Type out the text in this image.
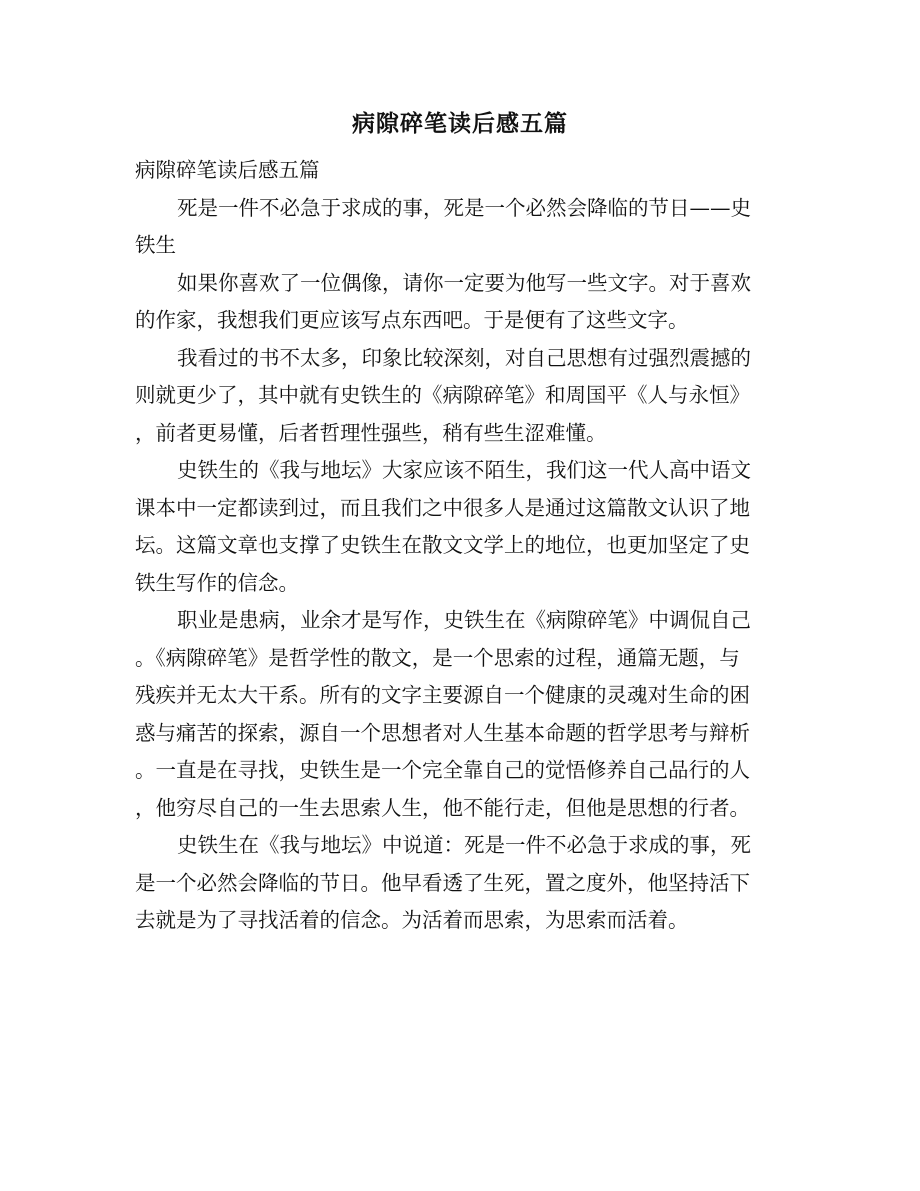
病隙碎笔读后感五篇

病隙碎笔读后感五篇

死是一件不必急于求成的事，死是一个必然会降临的节日——史
铁生

如果你喜欢了一位偶像，请你一定要为他写一些文字。对于喜欢
的作家，我想我们更应该写点东西吧。于是便有了这些文字。

我看过的书不太多，印象比较深刻，对自己思想有过强烈震撼的
则就更少了，其中就有史铁生的《病隙碎笔》和周国平《人与永恒》
，前者更易懂，后者哲理性强些，稍有些生涩难懂。

史铁生的《我与地坛》大家应该不陌生，我们这一代人高中语文
课本中一定都读到过，而且我们之中很多人是通过这篇散文认识了地
坛。这篇文章也支撑了史铁生在散文文学上的地位，也更加坚定了史
铁生写作的信念。

职业是患病，业余才是写作，史铁生在《病隙碎笔》中调侃自己
。《病隙碎笔》是哲学性的散文，是一个思索的过程，通篇无题，与
残疾并无太大干系。所有的文字主要源自一个健康的灵魂对生命的困
惑与痛苦的探索，源自一个思想者对人生基本命题的哲学思考与辩析
。一直是在寻找，史铁生是一个完全靠自己的觉悟修养自己品行的人
，他穷尽自己的一生去思索人生，他不能行走，但他是思想的行者。

史铁生在《我与地坛》中说道：死是一件不必急于求成的事，死
是一个必然会降临的节日。他早看透了生死，置之度外，他坚持活下
去就是为了寻找活着的信念。为活着而思索，为思索而活着。
